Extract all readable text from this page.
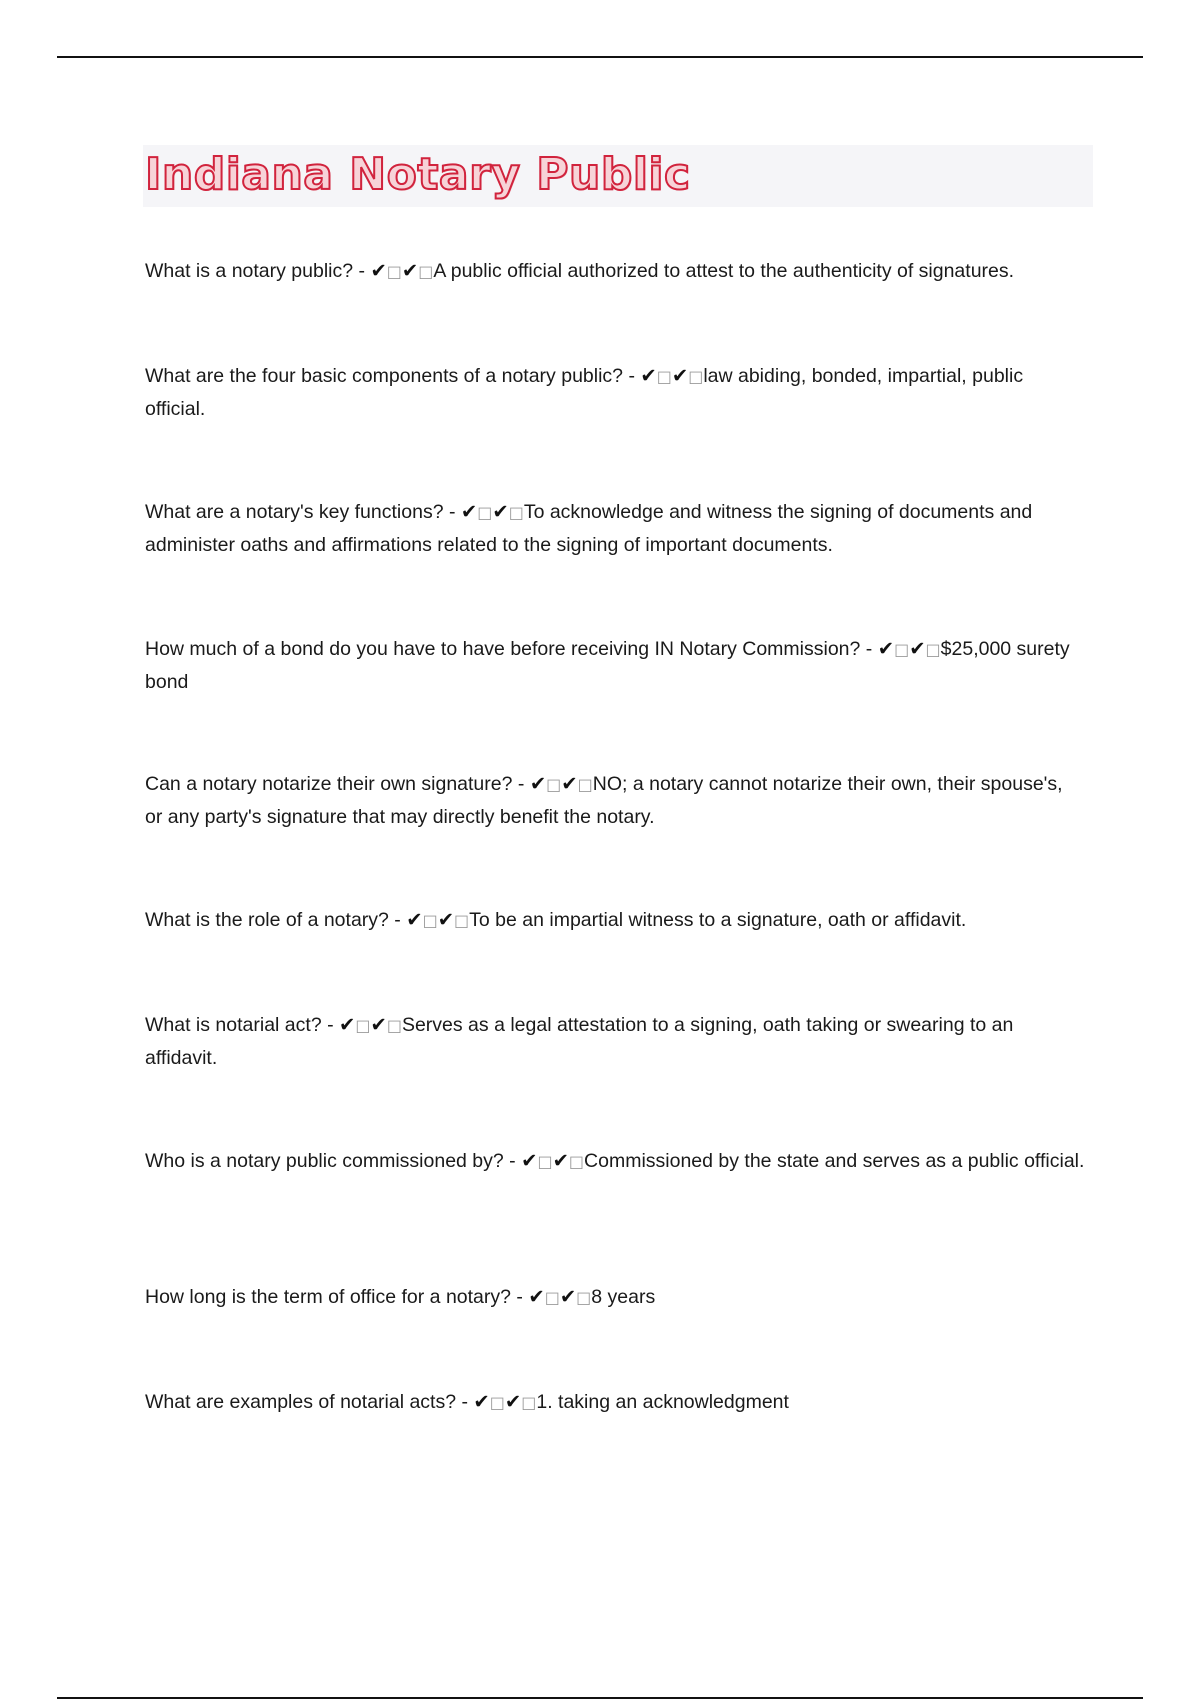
Indiana Notary Public

What is a notary public? - ✔□✔□A public official authorized to attest to the authenticity of signatures.

What are the four basic components of a notary public? - ✔□✔□law abiding, bonded, impartial, public official.

What are a notary's key functions? - ✔□✔□To acknowledge and witness the signing of documents and administer oaths and affirmations related to the signing of important documents.

How much of a bond do you have to have before receiving IN Notary Commission? - ✔□✔□$25,000 surety bond

Can a notary notarize their own signature? - ✔□✔□NO; a notary cannot notarize their own, their spouse's, or any party's signature that may directly benefit the notary.

What is the role of a notary? - ✔□✔□To be an impartial witness to a signature, oath or affidavit.

What is notarial act? - ✔□✔□Serves as a legal attestation to a signing, oath taking or swearing to an affidavit.

Who is a notary public commissioned by? - ✔□✔□Commissioned by the state and serves as a public official.

How long is the term of office for a notary? - ✔□✔□8 years

What are examples of notarial acts? - ✔□✔□1. taking an acknowledgment
